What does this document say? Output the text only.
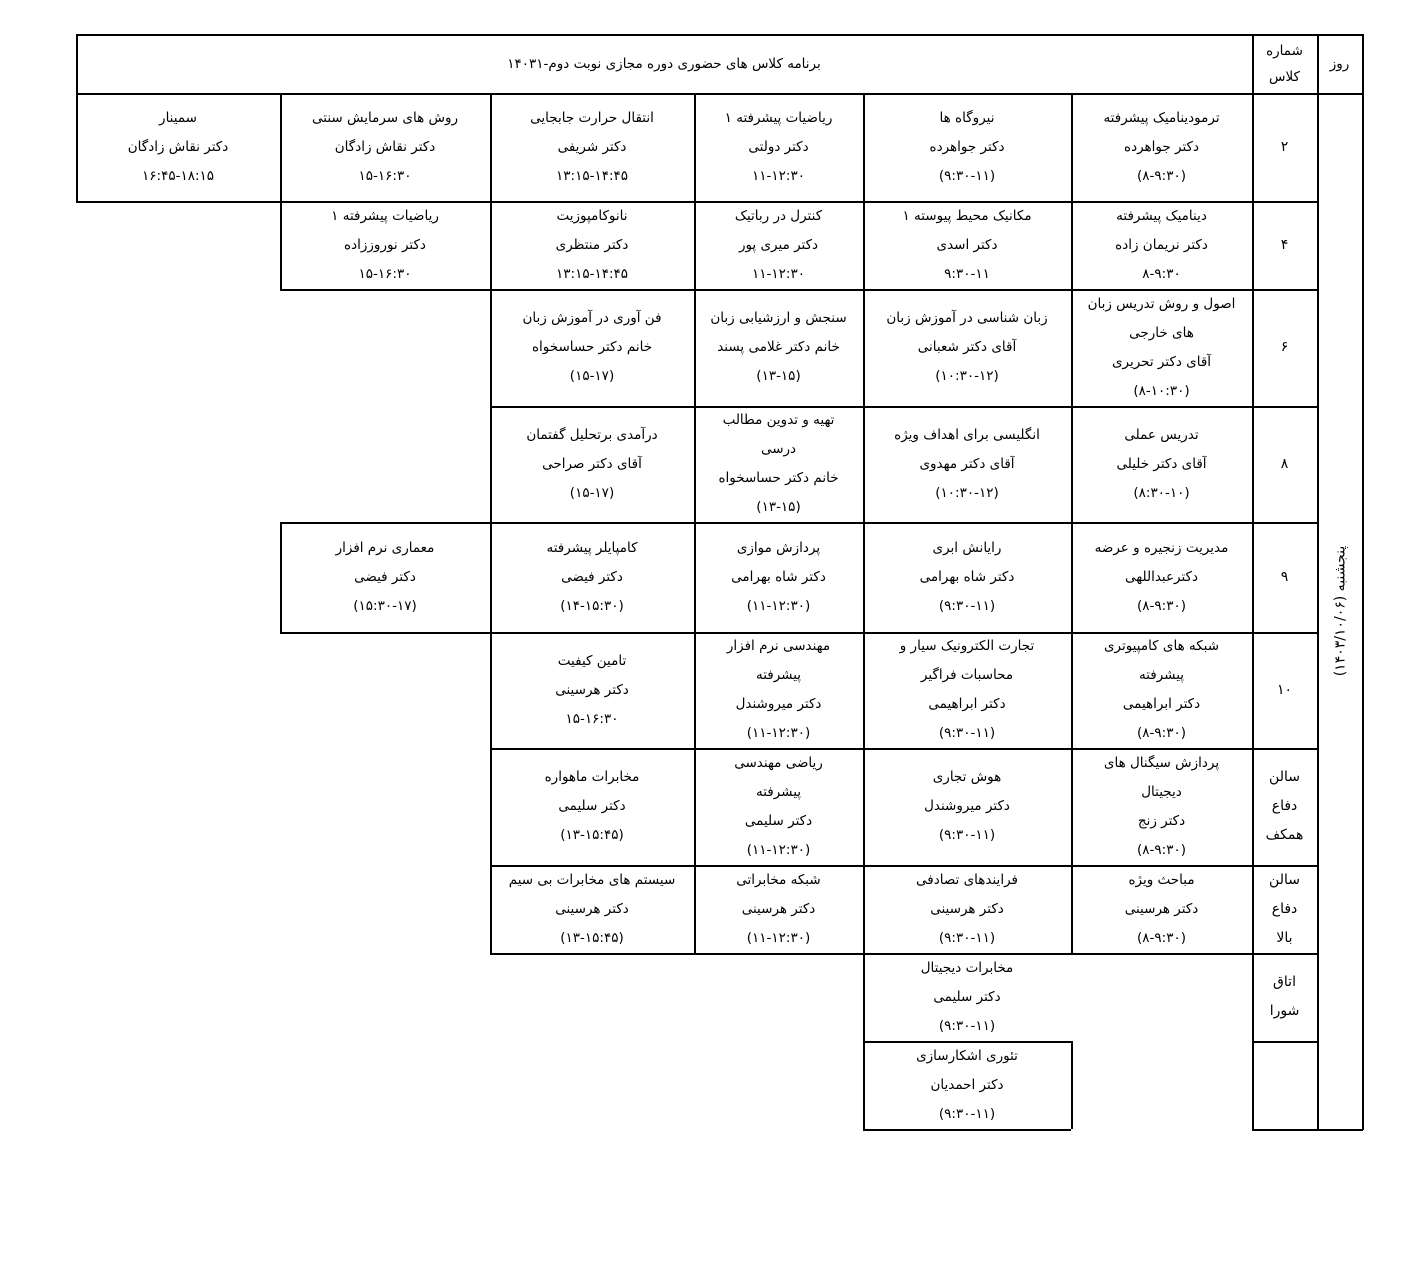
برنامه کلاس های حضوری دوره مجازی نوبت دوم-۱۴۰۳۱
شماره
کلاس
روز
پنجشنبه (۱۴۰۳/۱۰/۰۶)
۲
ترمودینامیک پیشرفته
دکتر جواهرده
(۸-۹:۳۰)
نیروگاه ها
دکتر جواهرده
(۹:۳۰-۱۱)
ریاضیات پیشرفته ۱
دکتر دولتی
۱۱-۱۲:۳۰
انتقال حرارت جابجایی
دکتر شریفی
۱۳:۱۵-۱۴:۴۵
روش های سرمایش سنتی
دکتر نقاش زادگان
۱۵-۱۶:۳۰
سمینار
دکتر نقاش زادگان
۱۶:۴۵-۱۸:۱۵
۴
دینامیک پیشرفته
دکتر نریمان زاده
۸-۹:۳۰
مکانیک محیط پیوسته ۱
دکتر اسدی
۹:۳۰-۱۱
کنترل در رباتیک
دکتر میری پور
۱۱-۱۲:۳۰
نانوکامپوزیت
دکتر منتظری
۱۳:۱۵-۱۴:۴۵
ریاضیات پیشرفته ۱
دکتر نوروززاده
۱۵-۱۶:۳۰
۶
اصول و روش تدریس زبان
های خارجی
آقای دکتر تحریری
(۸-۱۰:۳۰)
زبان شناسی در آموزش زبان
آقای دکتر شعبانی
(۱۰:۳۰-۱۲)
سنجش و ارزشیابی زبان
خانم دکتر غلامی پسند
(۱۳-۱۵)
فن آوری در آموزش زبان
خانم دکتر حساسخواه
(۱۵-۱۷)
۸
تدریس عملی
آقای دکتر خلیلی
(۸:۳۰-۱۰)
انگلیسی برای اهداف ویژه
آقای دکتر مهدوی
(۱۰:۳۰-۱۲)
تهیه و تدوین مطالب
درسی
خانم دکتر حساسخواه
(۱۳-۱۵)
درآمدی برتحلیل گفتمان
آقای دکتر صراحی
(۱۵-۱۷)
۹
مدیریت زنجیره و عرضه
دکترعبداللهی
(۸-۹:۳۰)
رایانش ابری
دکتر شاه بهرامی
(۹:۳۰-۱۱)
پردازش موازی
دکتر شاه بهرامی
(۱۱-۱۲:۳۰)
کامپایلر پیشرفته
دکتر فیضی
(۱۴-۱۵:۳۰)
معماری نرم افزار
دکتر فیضی
(۱۵:۳۰-۱۷)
۱۰
شبکه های کامپیوتری
پیشرفته
دکتر ابراهیمی
(۸-۹:۳۰)
تجارت الکترونیک سیار و
محاسبات فراگیر
دکتر ابراهیمی
(۹:۳۰-۱۱)
مهندسی نرم افزار
پیشرفته
دکتر میروشندل
(۱۱-۱۲:۳۰)
تامین کیفیت
دکتر هرسینی
۱۵-۱۶:۳۰
سالن
دفاع
همکف
پردازش سیگنال های
دیجیتال
دکتر زنج
(۸-۹:۳۰)
هوش تجاری
دکتر میروشندل
(۹:۳۰-۱۱)
ریاضی مهندسی
پیشرفته
دکتر سلیمی
(۱۱-۱۲:۳۰)
مخابرات ماهواره
دکتر سلیمی
(۱۳-۱۵:۴۵)
سالن
دفاع
بالا
مباحث ویژه
دکتر هرسینی
(۸-۹:۳۰)
فرایندهای تصادفی
دکتر هرسینی
(۹:۳۰-۱۱)
شبکه مخابراتی
دکتر هرسینی
(۱۱-۱۲:۳۰)
سیستم های مخابرات بی سیم
دکتر هرسینی
(۱۳-۱۵:۴۵)
اتاق
شورا
مخابرات دیجیتال
دکتر سلیمی
(۹:۳۰-۱۱)
تئوری اشکارسازی
دکتر احمدیان
(۹:۳۰-۱۱)
